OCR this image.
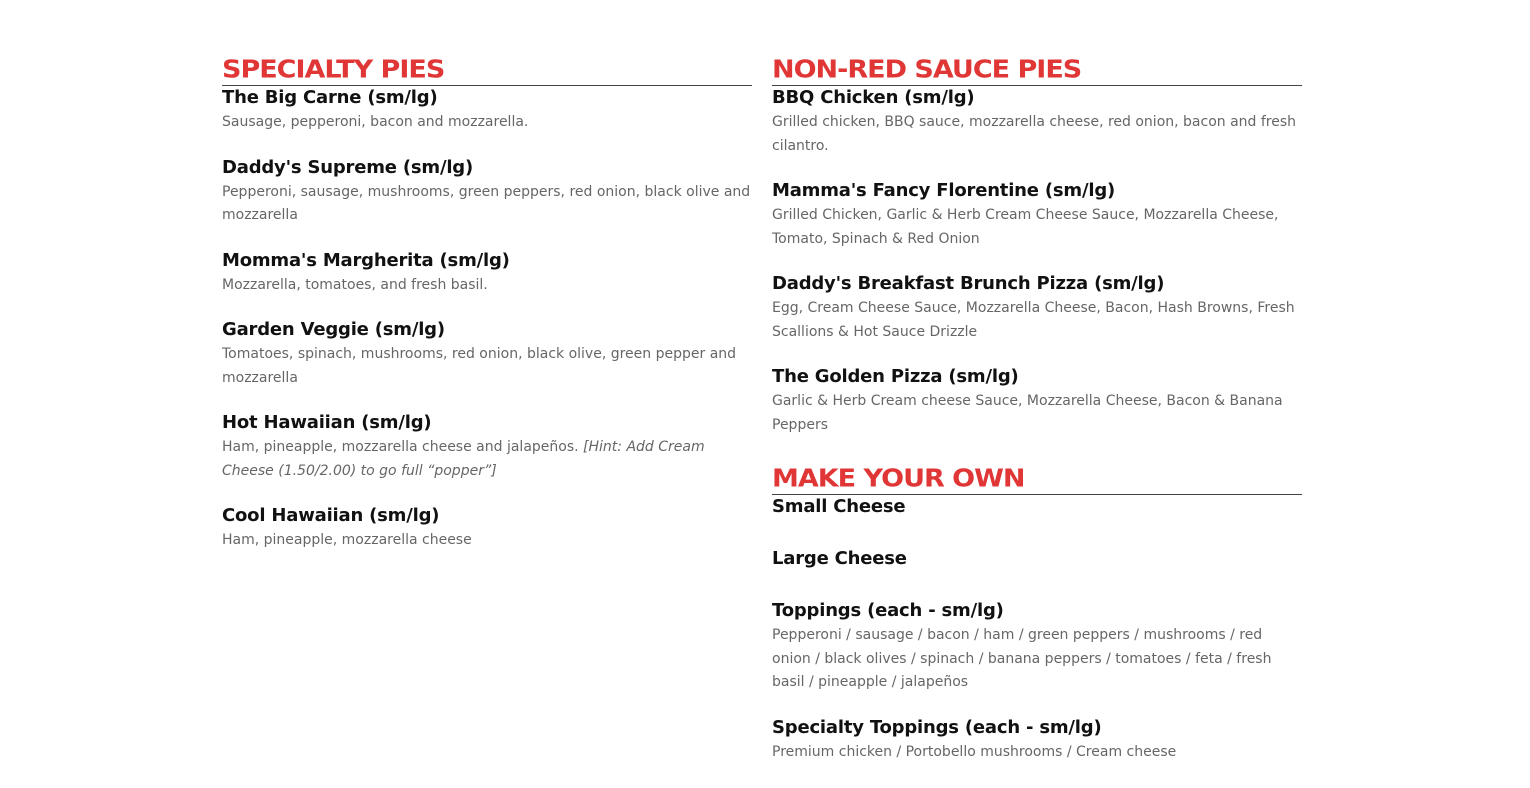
SPECIALTY PIES
The Big Carne (sm/lg)

Sausage, pepperoni, bacon and mozzarella.

Daddy's Supreme (sm/lg)

Pepperoni, sausage, mushrooms, green peppers, red onion, black olive and mozzarella

Momma's Margherita (sm/lg)

Mozzarella, tomatoes, and fresh basil.

Garden Veggie (sm/lg)

Tomatoes, spinach, mushrooms, red onion, black olive, green pepper and mozzarella

Hot Hawaiian (sm/lg)

Ham, pineapple, mozzarella cheese and jalapeños. [Hint: Add Cream Cheese (1.50/2.00) to go full “popper”]

Cool Hawaiian (sm/lg)

Ham, pineapple, mozzarella cheese

NON-RED SAUCE PIES
BBQ Chicken (sm/lg)

Grilled chicken, BBQ sauce, mozzarella cheese, red onion, bacon and fresh cilantro.

Mamma's Fancy Florentine (sm/lg)

Grilled Chicken, Garlic & Herb Cream Cheese Sauce, Mozzarella Cheese, Tomato, Spinach & Red Onion

Daddy's Breakfast Brunch Pizza (sm/lg)

Egg, Cream Cheese Sauce, Mozzarella Cheese, Bacon, Hash Browns, Fresh Scallions & Hot Sauce Drizzle

The Golden Pizza (sm/lg)

Garlic & Herb Cream cheese Sauce, Mozzarella Cheese, Bacon & Banana Peppers

MAKE YOUR OWN
Small Cheese
Large Cheese
Toppings (each - sm/lg)

Pepperoni / sausage / bacon / ham / green peppers / mushrooms / red onion / black olives / spinach / banana peppers / tomatoes / feta / fresh basil / pineapple / jalapeños

Specialty Toppings (each - sm/lg)

Premium chicken / Portobello mushrooms / Cream cheese
